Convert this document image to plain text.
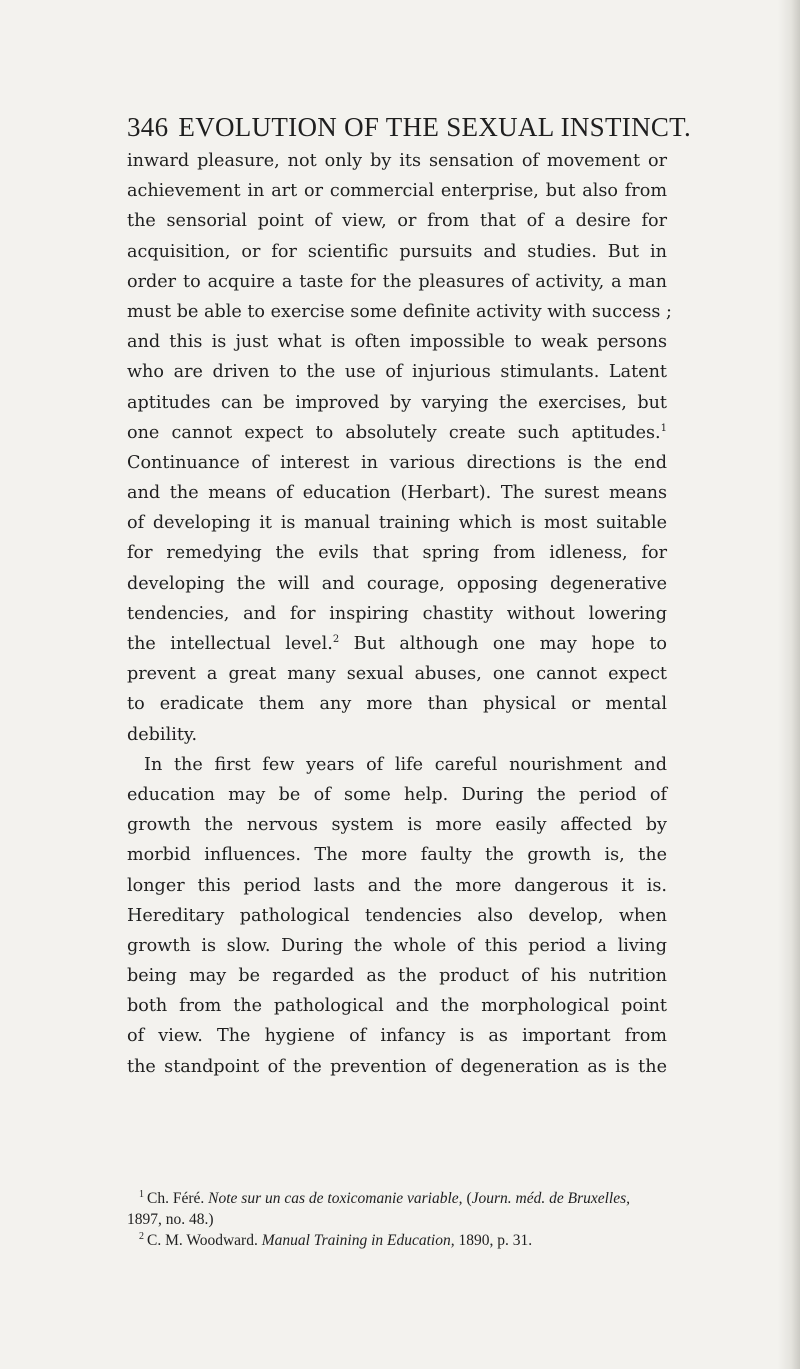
346 EVOLUTION OF THE SEXUAL INSTINCT.
inward pleasure, not only by its sensation of movement or
achievement in art or commercial enterprise, but also from
the sensorial point of view, or from that of a desire for
acquisition, or for scientific pursuits and studies. But in
order to acquire a taste for the pleasures of activity, a man
must be able to exercise some definite activity with success ;
and this is just what is often impossible to weak persons
who are driven to the use of injurious stimulants. Latent
aptitudes can be improved by varying the exercises, but
one cannot expect to absolutely create such aptitudes.$^1$
Continuance of interest in various directions is the end
and the means of education (Herbart). The surest means
of developing it is manual training which is most suitable
for remedying the evils that spring from idleness, for
developing the will and courage, opposing degenerative
tendencies, and for inspiring chastity without lowering
the intellectual level.$^2$ But although one may hope to
prevent a great many sexual abuses, one cannot expect
to eradicate them any more than physical or mental
debility.
In the first few years of life careful nourishment and
education may be of some help. During the period of
growth the nervous system is more easily affected by
morbid influences. The more faulty the growth is, the
longer this period lasts and the more dangerous it is.
Hereditary pathological tendencies also develop, when
growth is slow. During the whole of this period a living
being may be regarded as the product of his nutrition
both from the pathological and the morphological point
of view. The hygiene of infancy is as important from
the standpoint of the prevention of degeneration as is the
$^1$ Ch. Féré. Note sur un cas de toxicomanie variable, (Journ. méd. de Bruxelles,
1897, no. 48.)
$^2$ C. M. Woodward. Manual Training in Education, 1890, p. 31.
